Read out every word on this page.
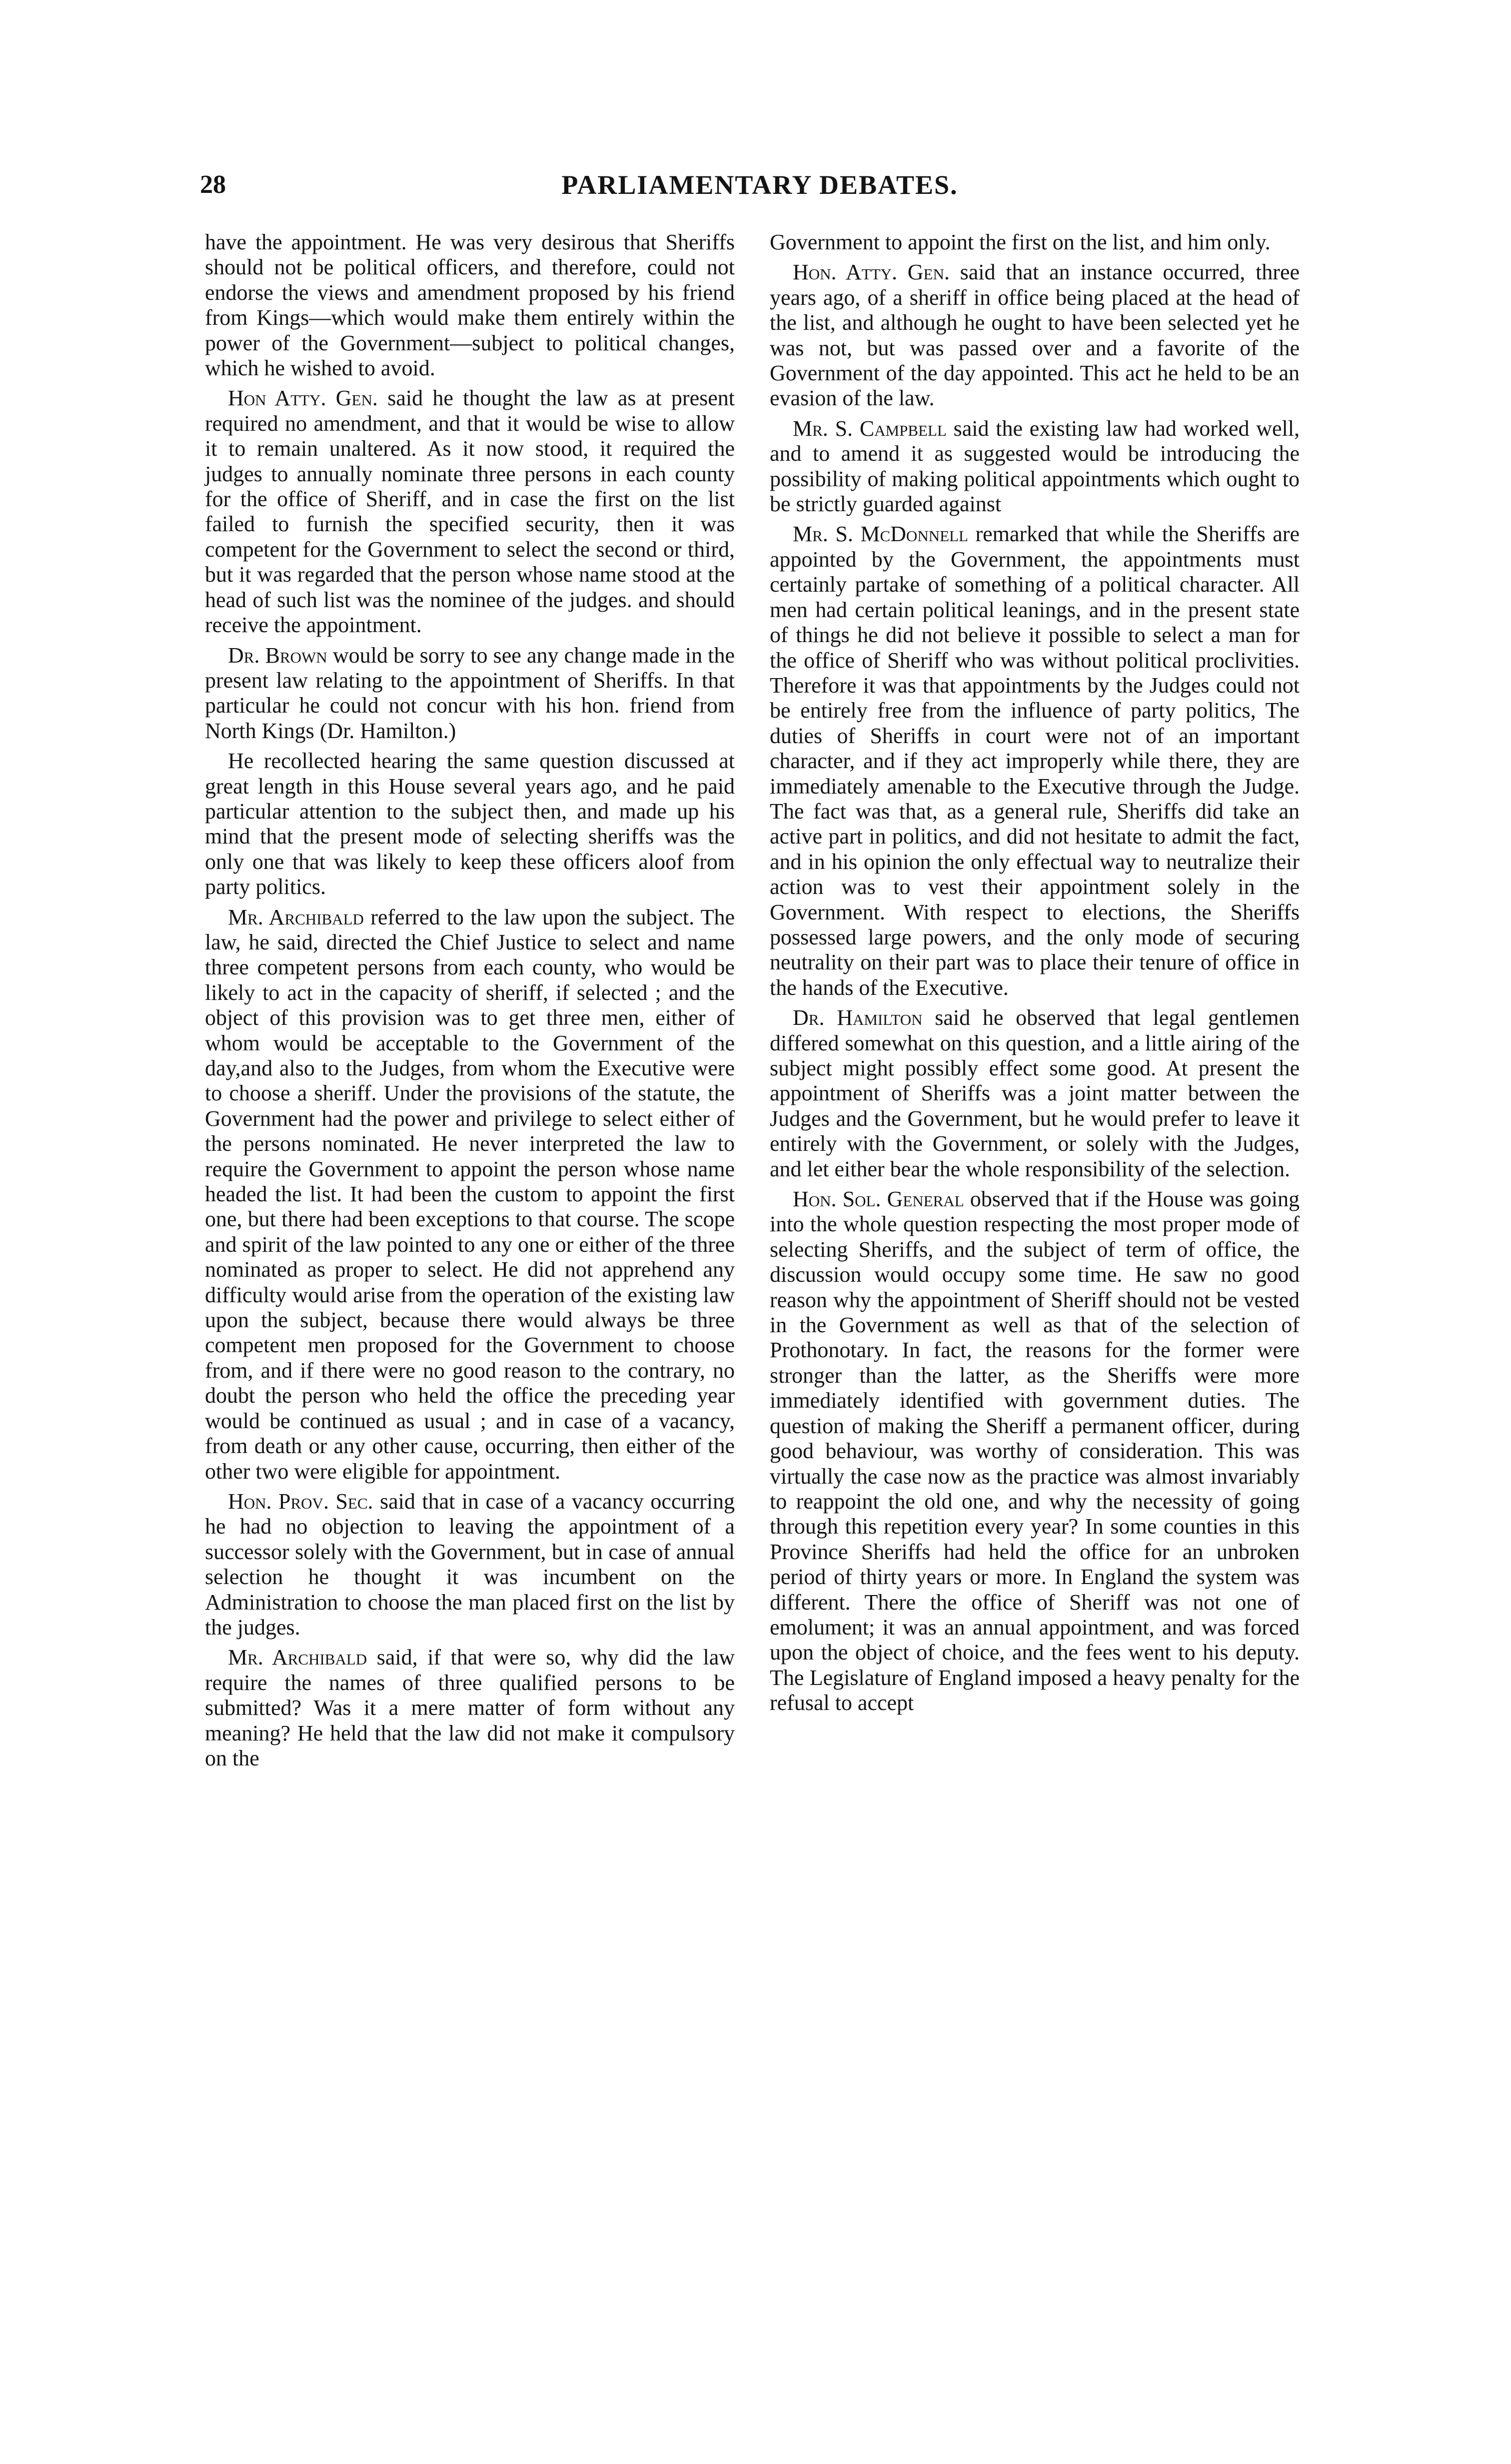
28	PARLIAMENTARY DEBATES.

have the appointment. He was very desirous that Sheriffs should not be political officers, and therefore, could not endorse the views and amendment proposed by his friend from Kings—which would make them entirely within the power of the Government—subject to political changes, which he wished to avoid.

Hon Atty. Gen. said he thought the law as at present required no amendment, and that it would be wise to allow it to remain unaltered. As it now stood, it required the judges to annually nominate three persons in each county for the office of Sheriff, and in case the first on the list failed to furnish the specified security, then it was competent for the Government to select the second or third, but it was regarded that the person whose name stood at the head of such list was the nominee of the judges. and should receive the appointment.

Dr. Brown would be sorry to see any change made in the present law relating to the appointment of Sheriffs. In that particular he could not concur with his hon. friend from North Kings (Dr. Hamilton.)

He recollected hearing the same question discussed at great length in this House several years ago, and he paid particular attention to the subject then, and made up his mind that the present mode of selecting sheriffs was the only one that was likely to keep these officers aloof from party politics.

Mr. Archibald referred to the law upon the subject. The law, he said, directed the Chief Justice to select and name three competent persons from each county, who would be likely to act in the capacity of sheriff, if selected ; and the object of this provision was to get three men, either of whom would be acceptable to the Government of the day,and also to the Judges, from whom the Executive were to choose a sheriff. Under the provisions of the statute, the Government had the power and privilege to select either of the persons nominated. He never interpreted the law to require the Government to appoint the person whose name headed the list. It had been the custom to appoint the first one, but there had been exceptions to that course. The scope and spirit of the law pointed to any one or either of the three nominated as proper to select. He did not apprehend any difficulty would arise from the operation of the existing law upon the subject, because there would always be three competent men proposed for the Government to choose from, and if there were no good reason to the contrary, no doubt the person who held the office the preceding year would be continued as usual ; and in case of a vacancy, from death or any other cause, occurring, then either of the other two were eligible for appointment.

Hon. Prov. Sec. said that in case of a vacancy occurring he had no objection to leaving the appointment of a successor solely with the Government, but in case of annual selection he thought it was incumbent on the Administration to choose the man placed first on the list by the judges.

Mr. Archibald said, if that were so, why did the law require the names of three qualified persons to be submitted? Was it a mere matter of form without any meaning? He held that the law did not make it compulsory on the

Government to appoint the first on the list, and him only.

Hon. Atty. Gen. said that an instance occurred, three years ago, of a sheriff in office being placed at the head of the list, and although he ought to have been selected yet he was not, but was passed over and a favorite of the Government of the day appointed. This act he held to be an evasion of the law.

Mr. S. Campbell said the existing law had worked well, and to amend it as suggested would be introducing the possibility of making political appointments which ought to be strictly guarded against

Mr. S. McDonnell remarked that while the Sheriffs are appointed by the Government, the appointments must certainly partake of something of a political character. All men had certain political leanings, and in the present state of things he did not believe it possible to select a man for the office of Sheriff who was without political proclivities. Therefore it was that appointments by the Judges could not be entirely free from the influence of party politics, The duties of Sheriffs in court were not of an important character, and if they act improperly while there, they are immediately amenable to the Executive through the Judge. The fact was that, as a general rule, Sheriffs did take an active part in politics, and did not hesitate to admit the fact, and in his opinion the only effectual way to neutralize their action was to vest their appointment solely in the Government. With respect to elections, the Sheriffs possessed large powers, and the only mode of securing neutrality on their part was to place their tenure of office in the hands of the Executive.

Dr. Hamilton said he observed that legal gentlemen differed somewhat on this question, and a little airing of the subject might possibly effect some good. At present the appointment of Sheriffs was a joint matter between the Judges and the Government, but he would prefer to leave it entirely with the Government, or solely with the Judges, and let either bear the whole responsibility of the selection.

Hon. Sol. General observed that if the House was going into the whole question respecting the most proper mode of selecting Sheriffs, and the subject of term of office, the discussion would occupy some time. He saw no good reason why the appointment of Sheriff should not be vested in the Government as well as that of the selection of Prothonotary. In fact, the reasons for the former were stronger than the latter, as the Sheriffs were more immediately identified with government duties. The question of making the Sheriff a permanent officer, during good behaviour, was worthy of consideration. This was virtually the case now as the practice was almost invariably to reappoint the old one, and why the necessity of going through this repetition every year? In some counties in this Province Sheriffs had held the office for an unbroken period of thirty years or more. In England the system was different. There the office of Sheriff was not one of emolument; it was an annual appointment, and was forced upon the object of choice, and the fees went to his deputy. The Legislature of England imposed a heavy penalty for the refusal to accept
